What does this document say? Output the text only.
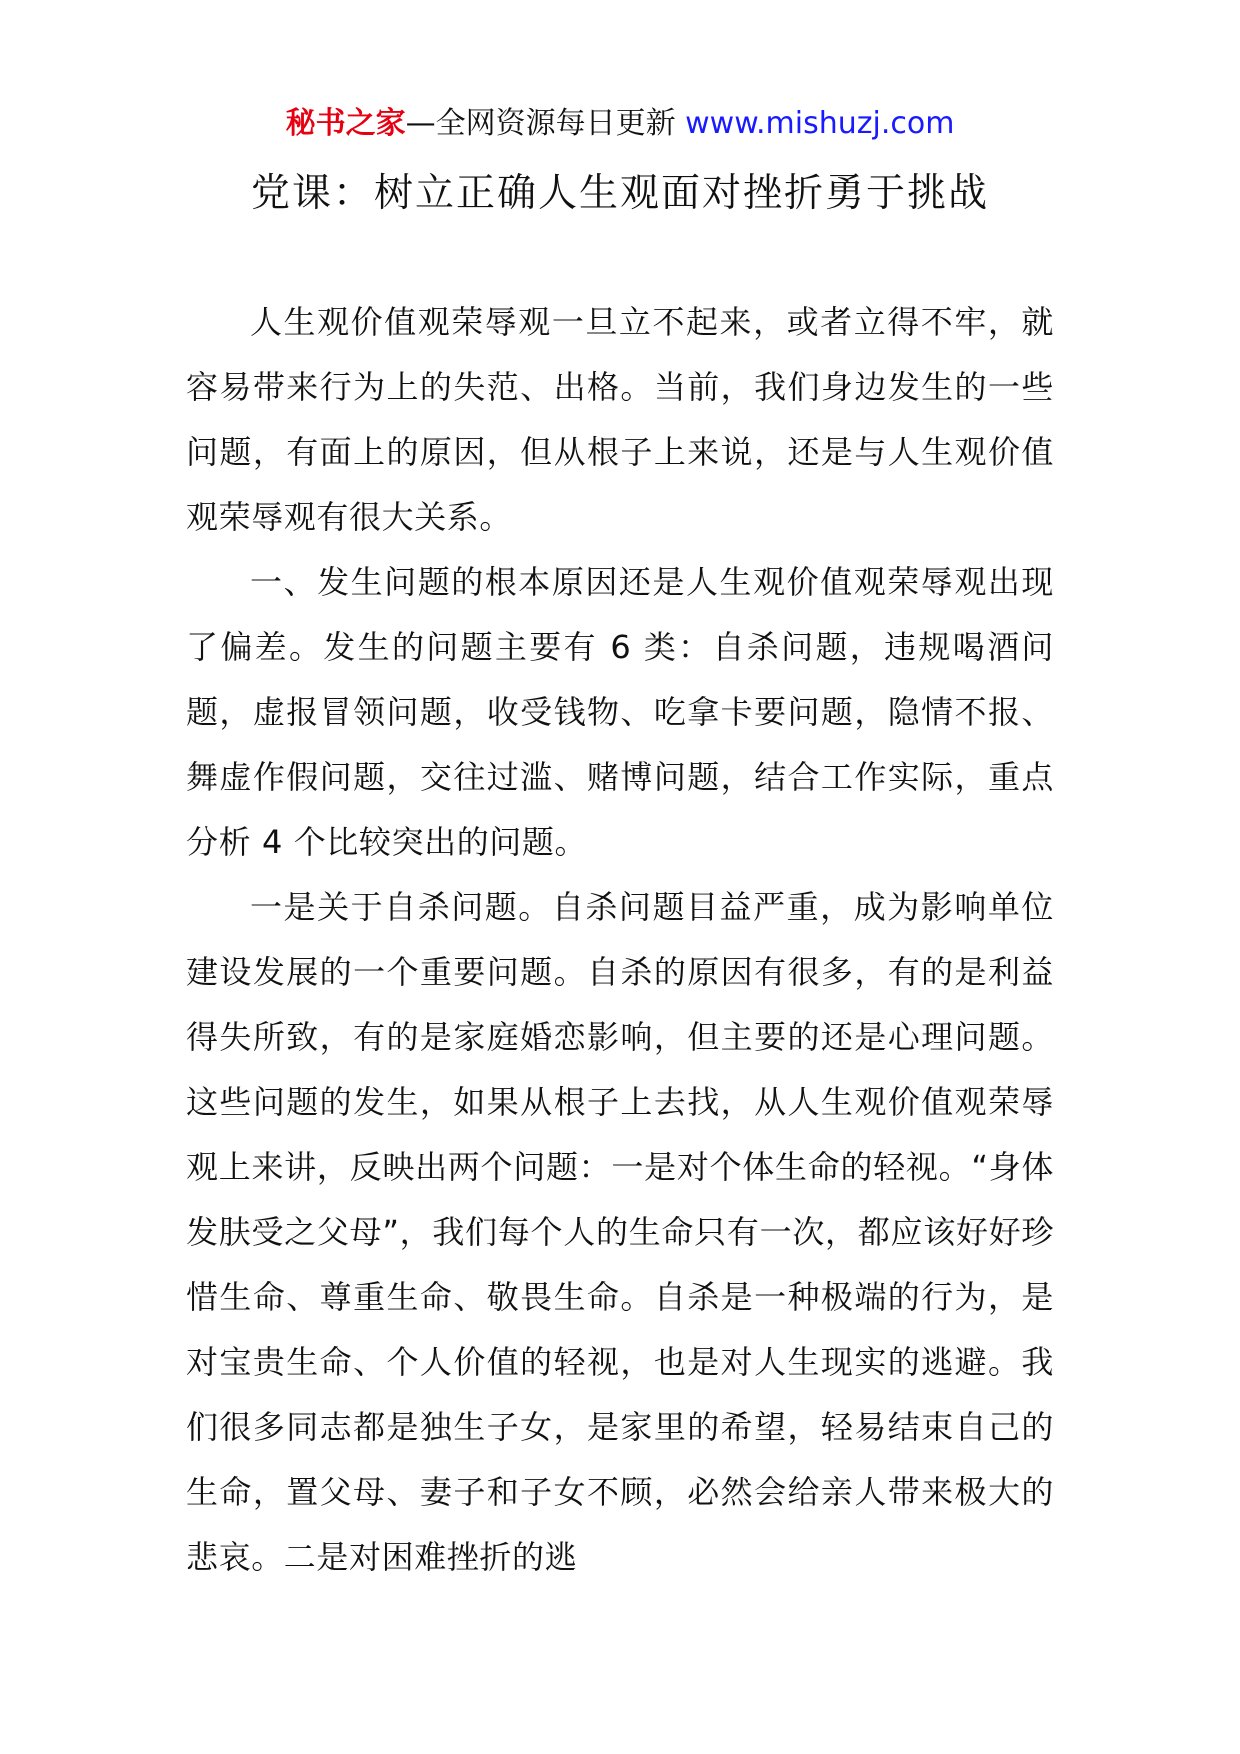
秘书之家—全网资源每日更新 www.mishuzj.com
党课：树立正确人生观面对挫折勇于挑战

人生观价值观荣辱观一旦立不起来，或者立得不牢，就容易带来行为上的失范、出格。当前，我们身边发生的一些问题，有面上的原因，但从根子上来说，还是与人生观价值观荣辱观有很大关系。

一、发生问题的根本原因还是人生观价值观荣辱观出现了偏差。发生的问题主要有 6 类：自杀问题，违规喝酒问题，虚报冒领问题，收受钱物、吃拿卡要问题，隐情不报、舞虚作假问题，交往过滥、赌博问题，结合工作实际，重点分析 4 个比较突出的问题。

一是关于自杀问题。自杀问题目益严重，成为影响单位建设发展的一个重要问题。自杀的原因有很多，有的是利益得失所致，有的是家庭婚恋影响，但主要的还是心理问题。这些问题的发生，如果从根子上去找，从人生观价值观荣辱观上来讲，反映出两个问题：一是对个体生命的轻视。“身体发肤受之父母”，我们每个人的生命只有一次，都应该好好珍惜生命、尊重生命、敬畏生命。自杀是一种极端的行为，是对宝贵生命、个人价值的轻视，也是对人生现实的逃避。我们很多同志都是独生子女，是家里的希望，轻易结束自己的生命，置父母、妻子和子女不顾，必然会给亲人带来极大的悲哀。二是对困难挫折的逃
